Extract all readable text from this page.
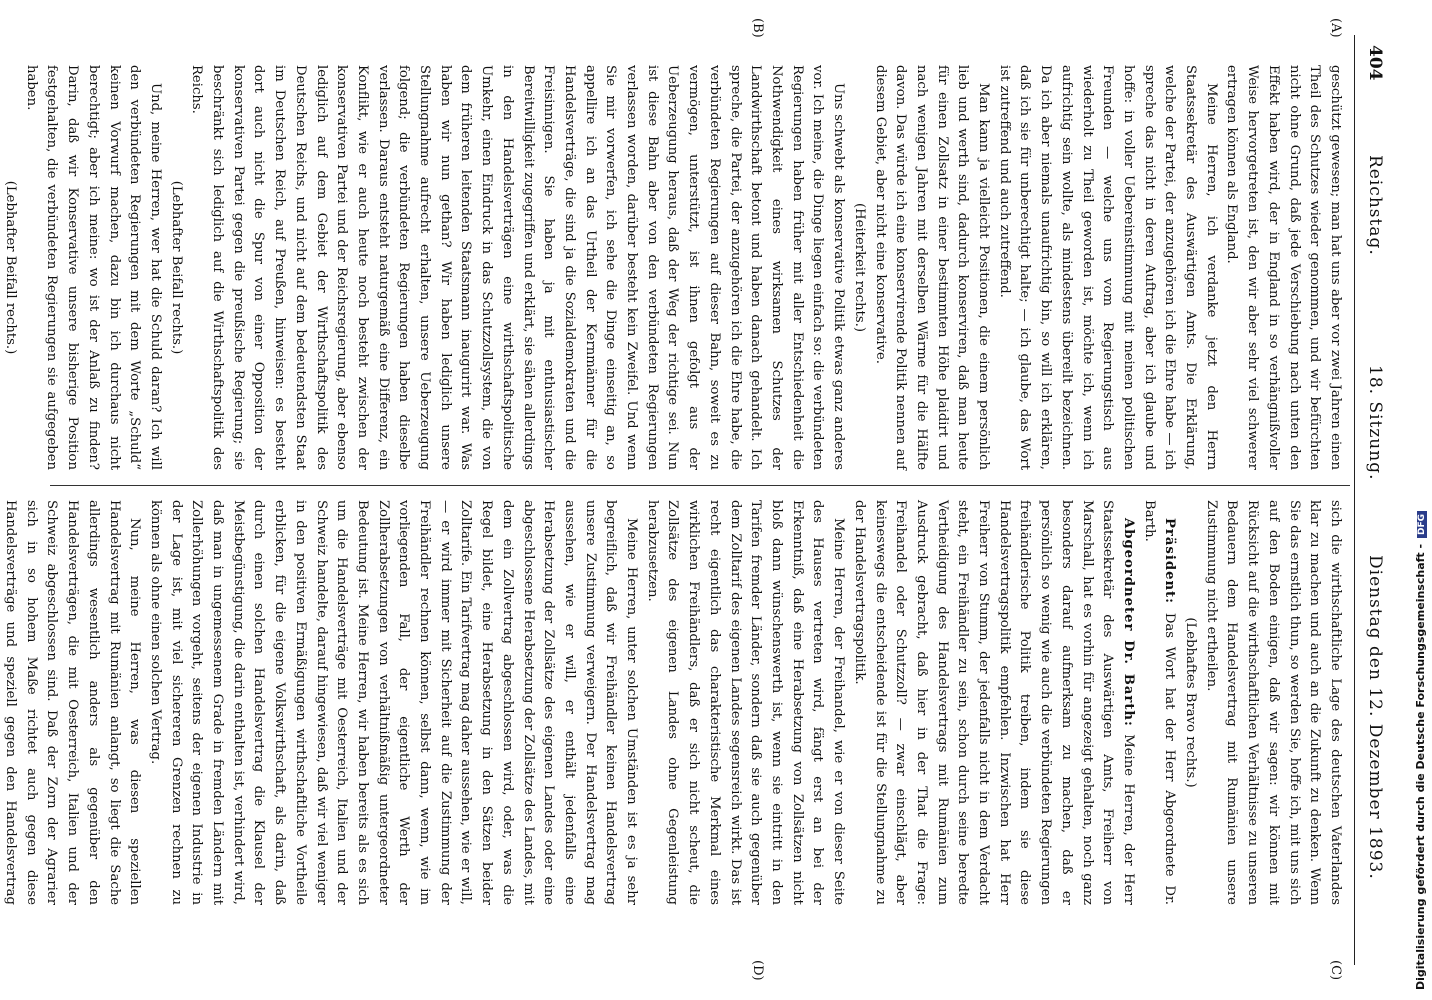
404
Reichstag.
18. Sitzung.
Dienstag den 12. Dezember 1893.
(A)
(B)
(C)
(D)

geschützt gewesen; man hat uns aber vor zwei Jahren einen Theil des Schutzes wieder genommen, und wir befürchten nicht ohne Grund, daß jede Verschiebung nach unten den Effekt haben wird, der in England in so verhängnißvoller Weise hervorgetreten ist, den wir aber sehr viel schwerer ertragen können als England.

Meine Herren, ich verdanke jetzt den Herrn Staatssekretär des Auswärtigen Amts. Die Erklärung, welche der Partei, der anzugehören ich die Ehre habe — ich spreche das nicht in deren Auftrag, aber ich glaube und hoffe: in voller Uebereinstimmung mit meinen politischen Freunden — welche uns vom Regierungstisch aus wiederholt zu Theil geworden ist, möchte ich, wenn ich aufrichtig sein wollte, als mindestens übereilt bezeichnen. Da ich aber niemals unaufrichtig bin, so will ich erklären, daß ich sie für unberechtigt halte; — ich glaube, das Wort ist zutreffend und auch zutreffend.

Man kann ja vielleicht Positionen, die einem persönlich lieb und werth sind, dadurch konserviren, daß man heute für einen Zollsatz in einer bestimmten Höhe plaidirt und nach wenigen Jahren mit derselben Wärme für die Hälfte davon. Das würde ich eine konservirende Politik nennen auf diesem Gebiet, aber nicht eine konservative.

(Heiterkeit rechts.)

Uns schwebt als konservative Politik etwas ganz anderes vor. Ich meine, die Dinge liegen einfach so: die verbündeten Regierungen haben früher mit aller Entschiedenheit die Nothwendigkeit eines wirksamen Schutzes der Landwirthschaft betont und haben danach gehandelt. Ich spreche, die Partei, der anzugehören ich die Ehre habe, die verbündeten Regierungen auf dieser Bahn, soweit es zu vermögen, unterstützt, ist ihnen gefolgt aus der Ueberzeugung heraus, daß der Weg der richtige sei. Nun ist diese Bahn aber von den verbündeten Regierungen verlassen worden, darüber besteht kein Zweifel. Und wenn Sie mir vorwerfen, ich sehe die Dinge einseitig an, so appellire ich an das Urtheil der Kernmänner für die Handelsverträge, die sind ja die Sozialdemokraten und die Freisinnigen. Sie haben ja mit enthusiastischer Bereitwilligkeit zugegriffen und erklärt, sie sähen allerdings in den Handelsverträgen eine wirthschaftspolitische Umkehr, einen Eindruck in das Schutzzollsystem, die von dem früheren leitenden Staatsmann inaugurirt war. Was haben wir nun gethan? Wir haben lediglich unsere Stellungnahme aufrecht erhalten, unsere Ueberzeugung folgend; die verbündeten Regierungen haben dieselbe verlassen. Daraus entsteht naturgemäß eine Differenz, ein Konflikt, wie er auch heute noch besteht zwischen der konservativen Partei und der Reichsregierung, aber ebenso lediglich auf dem Gebiet der Wirthschaftspolitik des Deutschen Reichs, und nicht auf dem bedeutendsten Staat im Deutschen Reich, auf Preußen, hinweisen: es besteht dort auch nicht die Spur von einer Opposition der konservativen Partei gegen die preußische Regierung; sie beschränkt sich lediglich auf die Wirthschaftspolitik des Reichs.

(Lebhafter Beifall rechts.)

Und, meine Herren, wer hat die Schuld daran? Ich will den verbündeten Regierungen mit dem Worte „Schuld“ keinen Vorwurf machen, dazu bin ich durchaus nicht berechtigt; aber ich meine: wo ist der Anlaß zu finden? Darin, daß wir Konservative unsere bisherige Position festgehalten, die verbündeten Regierungen sie aufgegeben haben.

(Lebhafter Beifall rechts.)

sich die wirthschaftliche Lage des deutschen Vaterlandes klar zu machen und auch an die Zukunft zu denken. Wenn Sie das ernstlich thun, so werden Sie, hoffe ich, mit uns sich auf den Boden einigen, daß wir sagen: wir können mit Rücksicht auf die wirthschaftlichen Verhältnisse zu unseren Bedauern dem Handelsvertrag mit Rumänien unsere Zustimmung nicht ertheilen.

(Lebhaftes Bravo rechts.)

Präsident: Das Wort hat der Herr Abgeordnete Dr. Barth.

Abgeordneter Dr. Barth: Meine Herren, der Herr Staatssekretär des Auswärtigen Amts, Freiherr von Marschall, hat es vorhin für angezeigt gehalten, noch ganz besonders darauf aufmerksam zu machen, daß er persönlich so wenig wie auch die verbündeten Regierungen freihändlerische Politik treiben, indem sie diese Handelsvertragspolitik empfehlen. Inzwischen hat Herr Freiherr von Stumm, der jedenfalls nicht in dem Verdacht steht, ein Freihändler zu sein, schon durch seine beredte Vertheidigung des Handelsvertrags mit Rumänien zum Ausdruck gebracht, daß hier in der That die Frage: Freihandel oder Schutzzoll? — zwar einschlägt, aber keineswegs die entscheidende ist für die Stellungnahme zu der Handelsvertragspolitik.

Meine Herren, der Freihandel, wie er von dieser Seite des Hauses vertreten wird, fängt erst an bei der Erkenntniß, daß eine Herabsetzung von Zollsätzen nicht bloß dann wünschenswerth ist, wenn sie eintritt in den Tarifen fremder Länder, sondern daß sie auch gegenüber dem Zolltarif des eigenen Landes segensreich wirkt. Das ist recht eigentlich das charakteristische Merkmal eines wirklichen Freihändlers, daß er sich nicht scheut, die Zollsätze des eigenen Landes ohne Gegenleistung herabzusetzen.

Meine Herren, unter solchen Umständen ist es ja sehr begreiflich, daß wir Freihändler keinen Handelsvertrag unsere Zustimmung verweigern. Der Handelsvertrag mag aussehen, wie er will, er enthält jedenfalls eine Herabsetzung der Zollsätze des eigenen Landes oder eine abgeschlossene Herabsetzung der Zollsätze des Landes, mit dem ein Zollvertrag abgeschlossen wird, oder, was die Regel bildet, eine Herabsetzung in den Sätzen beider Zolltarife. Ein Tarifvertrag mag daher aussehen, wie er will, — er wird immer mit Sicherheit auf die Zustimmung der Freihändler rechnen können, selbst dann, wenn, wie im vorliegenden Fall, der eigentliche Werth der Zollherabsetzungen von verhältnißmäßig untergeordneter Bedeutung ist. Meine Herren, wir haben bereits als es sich um die Handelsverträge mit Oesterreich, Italien und der Schweiz handelte, darauf hingewiesen, daß wir viel weniger in den positiven Ermäßigungen wirthschaftliche Vortheile erblicken, für die eigene Volkswirthschaft, als darin, daß durch einen solchen Handelsvertrag die Klausel der Meistbegünstigung, die darin enthalten ist, verhindert wird, daß man in ungemessenem Grade in fremden Ländern mit Zollerhöhungen vorgeht, seitens der eigenen Industrie in der Lage ist, mit viel sichereren Grenzen rechnen zu können als ohne einen solchen Vertrag.

Nun, meine Herren, was diesen speziellen Handelsvertrag mit Rumänien anlangt, so liegt die Sache allerdings wesentlich anders als gegenüber den Handelsverträgen, die mit Oesterreich, Italien und der Schweiz abgeschlossen sind. Daß der Zorn der Agrarier sich in so hohem Maße richtet auch gegen diese Handelsverträge und speziell gegen den Handelsvertrag	Digitalisierung gefördert durch die Deutsche Forschungsgemeinschaft -DFG
